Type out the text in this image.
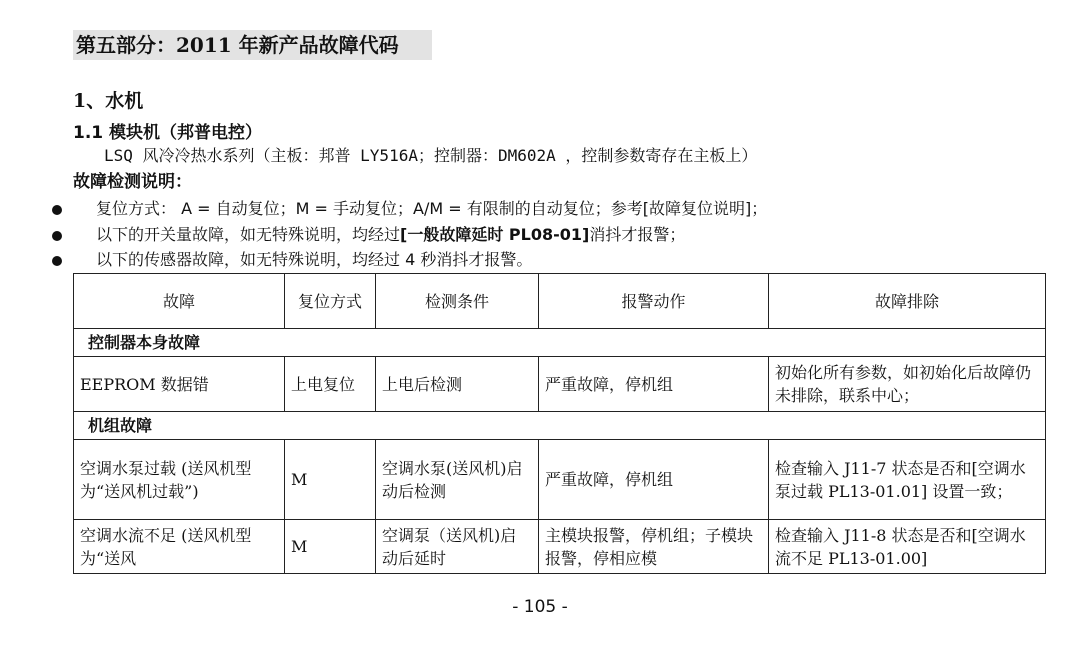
第五部分：2011 年新产品故障代码
1、水机
1.1 模块机（邦普电控）
LSQ 风冷冷热水系列（主板：邦普 LY516A；控制器：DM602A ，控制参数寄存在主板上）
故障检测说明：
复位方式： A = 自动复位；M = 手动复位；A/M = 有限制的自动复位；参考[故障复位说明]；
以下的开关量故障，如无特殊说明，均经过[一般故障延时 PL08-01]消抖才报警；
以下的传感器故障，如无特殊说明，均经过 4 秒消抖才报警。
故障	复位方式	检测条件	报警动作	故障排除
控制器本身故障				
EEPROM 数据错	上电复位	上电后检测	严重故障，停机组	初始化所有参数，如初始化后故障仍未排除，联系中心；
机组故障				
空调水泵过载 (送风机型为“送风机过载”)	M	空调水泵(送风机)启动后检测	严重故障，停机组	检查输入 J11-7 状态是否和[空调水泵过载 PL13-01.01] 设置一致；
空调水流不足 (送风机型为“送风	M	空调泵（送风机)启动后延时	主模块报警，停机组；子模块报警，停相应模	检查输入 J11-8 状态是否和[空调水流不足 PL13-01.00]
- 105 -
